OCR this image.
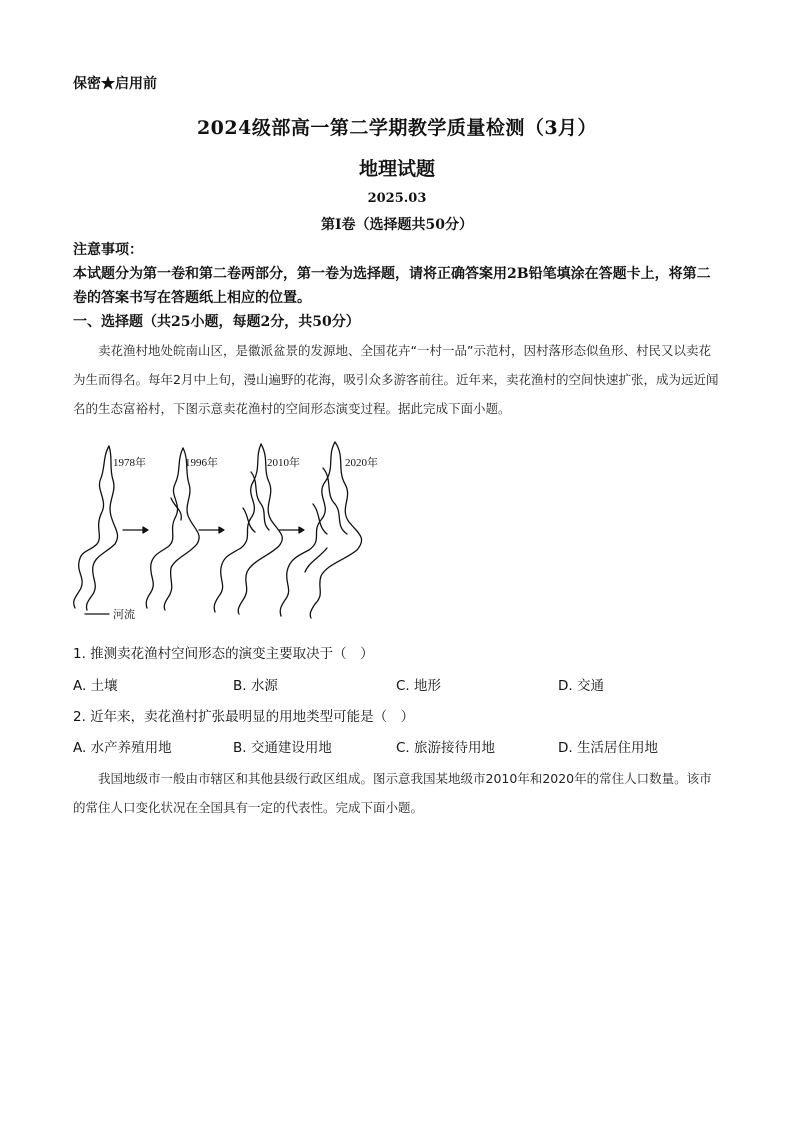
保密★启用前
2024级部高一第二学期教学质量检测（3月）
地理试题
2025.03
第Ⅰ卷（选择题共50分）
注意事项：
本试题分为第一卷和第二卷两部分，第一卷为选择题，请将正确答案用2B铅笔填涂在答题卡上，将第二卷的答案书写在答题纸上相应的位置。
一、选择题（共25小题，每题2分，共50分）
卖花渔村地处皖南山区，是徽派盆景的发源地、全国花卉“一村一品”示范村，因村落形态似鱼形、村民又以卖花为生而得名。每年2月中上旬，漫山遍野的花海，吸引众多游客前往。近年来，卖花渔村的空间快速扩张，成为远近闻名的生态富裕村，下图示意卖花渔村的空间形态演变过程。据此完成下面小题。
1978年	1996年	2010年	2020年
河流
1. 推测卖花渔村空间形态的演变主要取决于（　）
A. 土壤	B. 水源	C. 地形	D. 交通
2. 近年来，卖花渔村扩张最明显的用地类型可能是（　）
A. 水产养殖用地	B. 交通建设用地	C. 旅游接待用地	D. 生活居住用地
我国地级市一般由市辖区和其他县级行政区组成。图示意我国某地级市2010年和2020年的常住人口数量。该市的常住人口变化状况在全国具有一定的代表性。完成下面小题。
